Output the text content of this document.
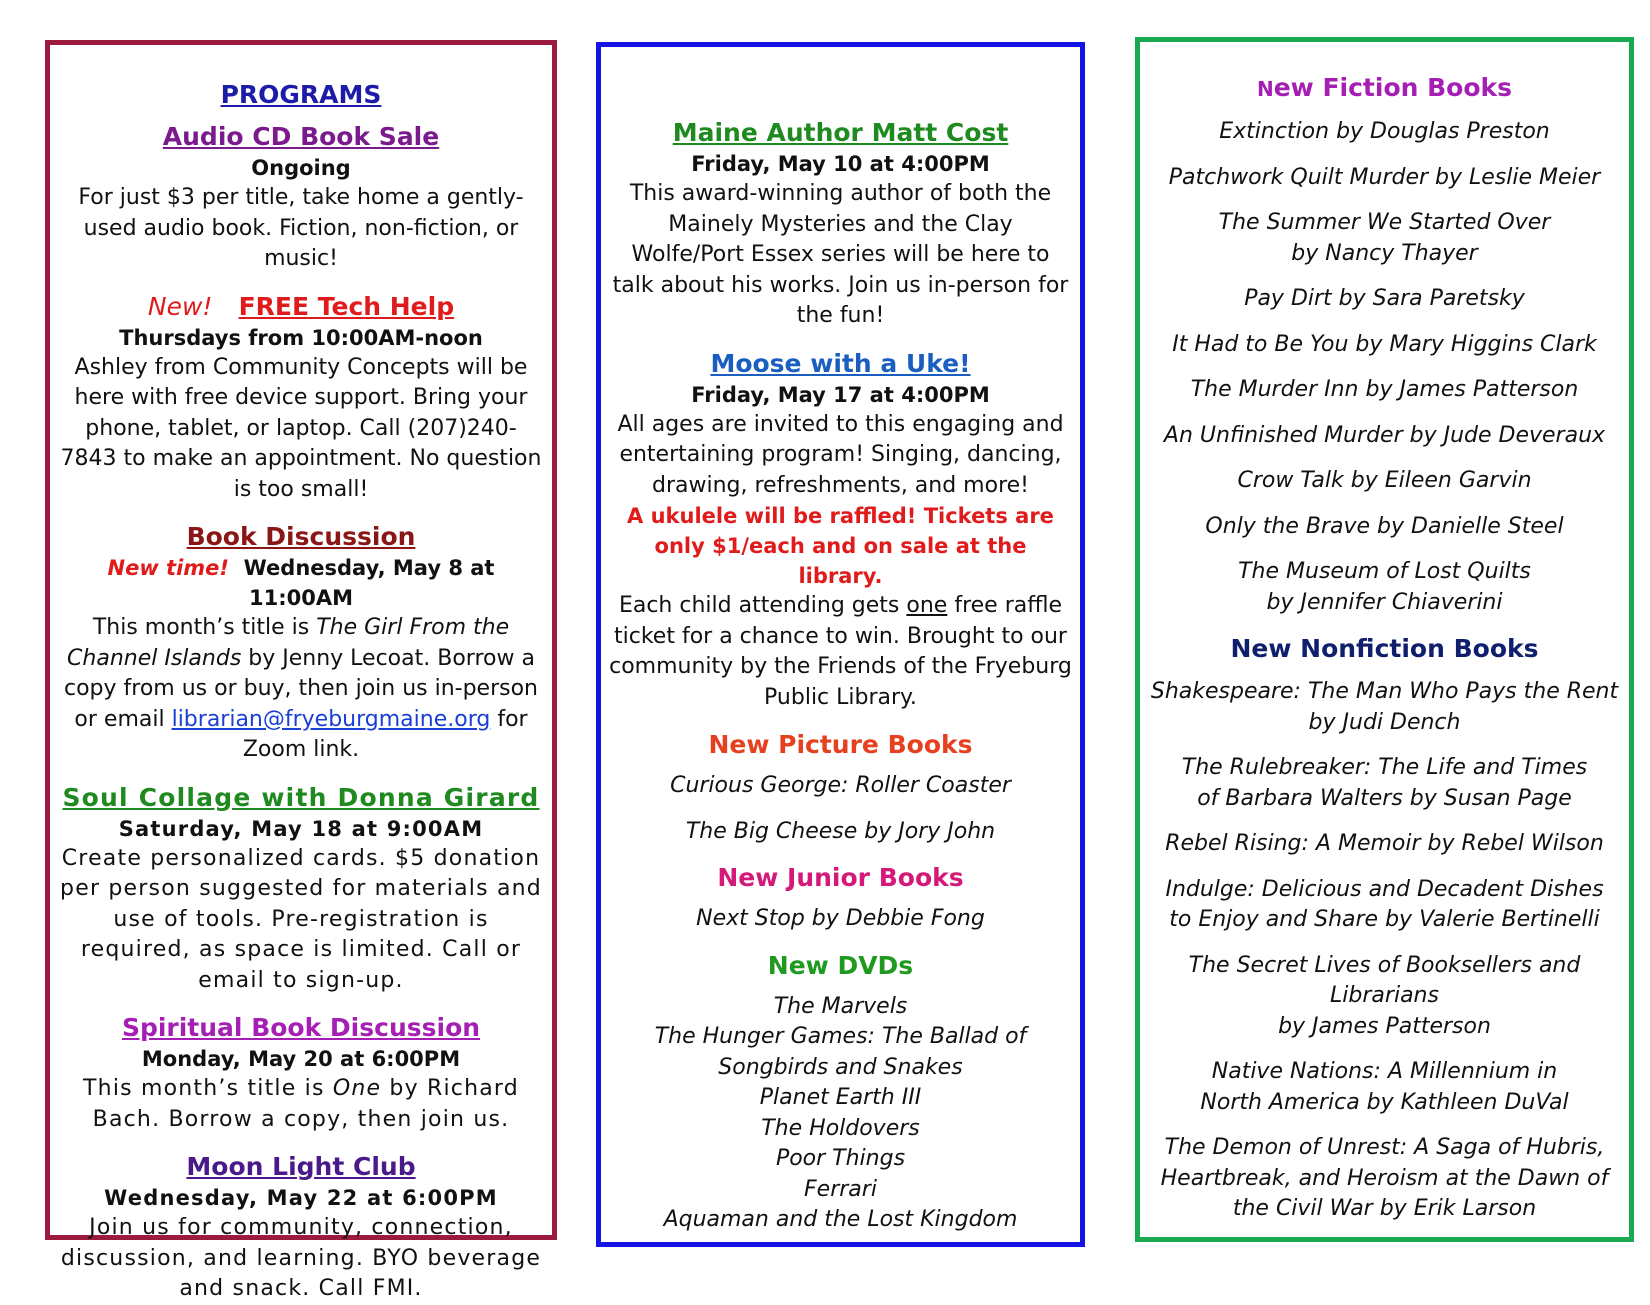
PROGRAMS
Audio CD Book Sale
Ongoing
For just $3 per title, take home a gently-used audio book. Fiction, non-fiction, or music!
New! FREE Tech Help
Thursdays from 10:00AM-noon
Ashley from Community Concepts will be here with free device support. Bring your phone, tablet, or laptop. Call (207)240-7843 to make an appointment. No question is too small!
Book Discussion
New time! Wednesday, May 8 at 11:00AM
This month’s title is The Girl From the Channel Islands by Jenny Lecoat. Borrow a copy from us or buy, then join us in-person or email librarian@fryeburgmaine.org for Zoom link.
Soul Collage with Donna Girard
Saturday, May 18 at 9:00AM
Create personalized cards. $5 donation per person suggested for materials and use of tools. Pre-registration is required, as space is limited. Call or email to sign-up.
Spiritual Book Discussion
Monday, May 20 at 6:00PM
This month’s title is One by Richard Bach. Borrow a copy, then join us.
Moon Light Club
Wednesday, May 22 at 6:00PM
Join us for community, connection, discussion, and learning. BYO beverage and snack. Call FMI.
Maine Author Matt Cost
Friday, May 10 at 4:00PM
This award-winning author of both the Mainely Mysteries and the Clay Wolfe/Port Essex series will be here to talk about his works. Join us in-person for the fun!
Moose with a Uke!
Friday, May 17 at 4:00PM
All ages are invited to this engaging and entertaining program! Singing, dancing, drawing, refreshments, and more!
A ukulele will be raffled! Tickets are only $1/each and on sale at the library.
Each child attending gets one free raffle ticket for a chance to win. Brought to our community by the Friends of the Fryeburg Public Library.
New Picture Books
Curious George: Roller Coaster
The Big Cheese by Jory John
New Junior Books
Next Stop by Debbie Fong
New DVDs
The Marvels
The Hunger Games: The Ballad of Songbirds and Snakes
Planet Earth III
The Holdovers
Poor Things
Ferrari
Aquaman and the Lost Kingdom
New Fiction Books
Extinction by Douglas Preston
Patchwork Quilt Murder by Leslie Meier
The Summer We Started Over
by Nancy Thayer
Pay Dirt by Sara Paretsky
It Had to Be You by Mary Higgins Clark
The Murder Inn by James Patterson
An Unfinished Murder by Jude Deveraux
Crow Talk by Eileen Garvin
Only the Brave by Danielle Steel
The Museum of Lost Quilts
by Jennifer Chiaverini
New Nonfiction Books
Shakespeare: The Man Who Pays the Rent
by Judi Dench
The Rulebreaker: The Life and Times of Barbara Walters by Susan Page
Rebel Rising: A Memoir by Rebel Wilson
Indulge: Delicious and Decadent Dishes to Enjoy and Share by Valerie Bertinelli
The Secret Lives of Booksellers and Librarians
by James Patterson
Native Nations: A Millennium in North America by Kathleen DuVal
The Demon of Unrest: A Saga of Hubris, Heartbreak, and Heroism at the Dawn of the Civil War by Erik Larson
